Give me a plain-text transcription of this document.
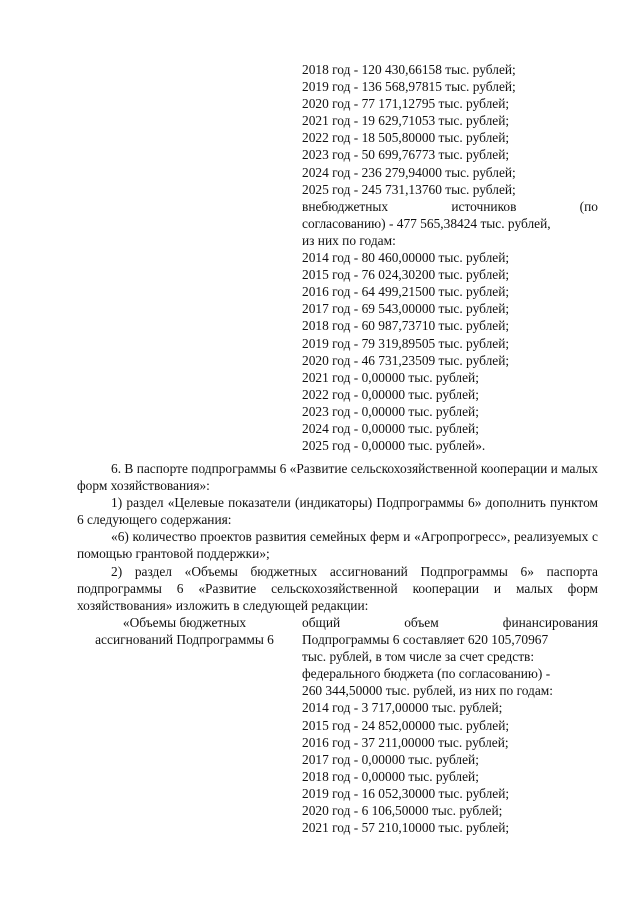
2018 год - 120 430,66158 тыс. рублей;
2019 год - 136 568,97815 тыс. рублей;
2020 год - 77 171,12795 тыс. рублей;
2021 год - 19 629,71053 тыс. рублей;
2022 год - 18 505,80000 тыс. рублей;
2023 год - 50 699,76773 тыс. рублей;
2024 год - 236 279,94000 тыс. рублей;
2025 год - 245 731,13760 тыс. рублей;
внебюджетных	источников	(по
согласованию) - 477 565,38424 тыс. рублей,
из них по годам:
2014 год - 80 460,00000 тыс. рублей;
2015 год - 76 024,30200 тыс. рублей;
2016 год - 64 499,21500 тыс. рублей;
2017 год - 69 543,00000 тыс. рублей;
2018 год - 60 987,73710 тыс. рублей;
2019 год - 79 319,89505 тыс. рублей;
2020 год - 46 731,23509 тыс. рублей;
2021 год - 0,00000 тыс. рублей;
2022 год - 0,00000 тыс. рублей;
2023 год - 0,00000 тыс. рублей;
2024 год - 0,00000 тыс. рублей;
2025 год - 0,00000 тыс. рублей».

6. В паспорте подпрограммы 6 «Развитие сельскохозяйственной кооперации и малых форм хозяйствования»:

1) раздел «Целевые показатели (индикаторы) Подпрограммы 6» дополнить пунктом 6 следующего содержания:

«6) количество проектов развития семейных ферм и «Агропрогресс», реализуемых с помощью грантовой поддержки»;

2) раздел «Объемы бюджетных ассигнований Подпрограммы 6» паспорта подпрограммы 6 «Развитие сельскохозяйственной кооперации и малых форм хозяйствования» изложить в следующей редакции:

«Объемы бюджетных
ассигнований Подпрограммы 6
общий	объем	финансирования
Подпрограммы 6 составляет 620 105,70967
тыс. рублей, в том числе за счет средств:
федерального бюджета (по согласованию) -
260 344,50000 тыс. рублей, из них по годам:
2014 год - 3 717,00000 тыс. рублей;
2015 год - 24 852,00000 тыс. рублей;
2016 год - 37 211,00000 тыс. рублей;
2017 год - 0,00000 тыс. рублей;
2018 год - 0,00000 тыс. рублей;
2019 год - 16 052,30000 тыс. рублей;
2020 год - 6 106,50000 тыс. рублей;
2021 год - 57 210,10000 тыс. рублей;
